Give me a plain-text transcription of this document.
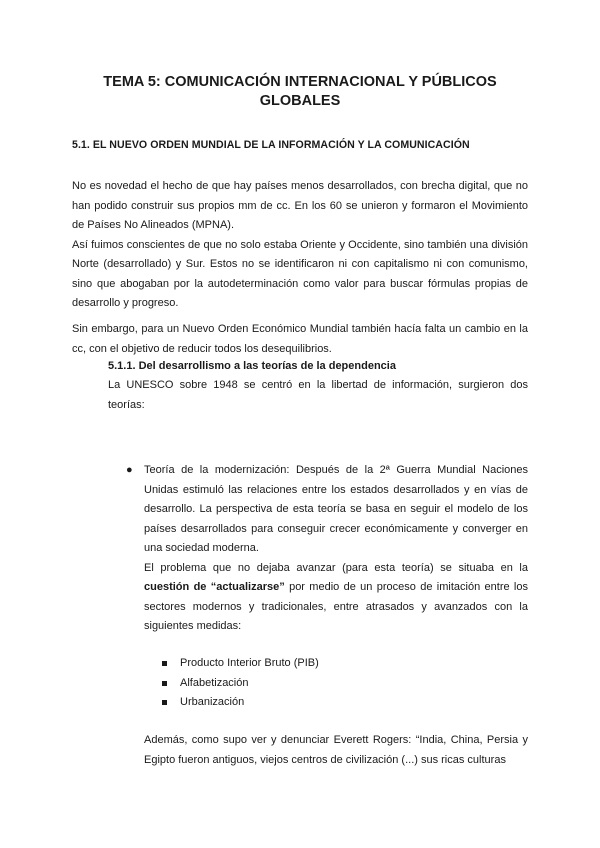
TEMA 5: COMUNICACIÓN INTERNACIONAL Y PÚBLICOS GLOBALES
5.1. EL NUEVO ORDEN MUNDIAL DE LA INFORMACIÓN Y LA COMUNICACIÓN
No es novedad el hecho de que hay países menos desarrollados, con brecha digital, que no han podido construir sus propios mm de cc. En los 60 se unieron y formaron el Movimiento de Países No Alineados (MPNA).
Así fuimos conscientes de que no solo estaba Oriente y Occidente, sino también una división Norte (desarrollado) y Sur. Estos no se identificaron ni con capitalismo ni con comunismo, sino que abogaban por la autodeterminación como valor para buscar fórmulas propias de desarrollo y progreso.

Sin embargo, para un Nuevo Orden Económico Mundial también hacía falta un cambio en la cc, con el objetivo de reducir todos los desequilibrios.

5.1.1. Del desarrollismo a las teorías de la dependencia

La UNESCO sobre 1948 se centró en la libertad de información, surgieron dos teorías:

● Teoría de la modernización: Después de la 2ª Guerra Mundial Naciones Unidas estimuló las relaciones entre los estados desarrollados y en vías de desarrollo. La perspectiva de esta teoría se basa en seguir el modelo de los países desarrollados para conseguir crecer económicamente y converger en una sociedad moderna.
El problema que no dejaba avanzar (para esta teoría) se situaba en la cuestión de “actualizarse” por medio de un proceso de imitación entre los sectores modernos y tradicionales, entre atrasados y avanzados con la siguientes medidas:
Producto Interior Bruto (PIB)
Alfabetización
Urbanización

Además, como supo ver y denunciar Everett Rogers: “India, China, Persia y Egipto fueron antiguos, viejos centros de civilización (...) sus ricas culturas
